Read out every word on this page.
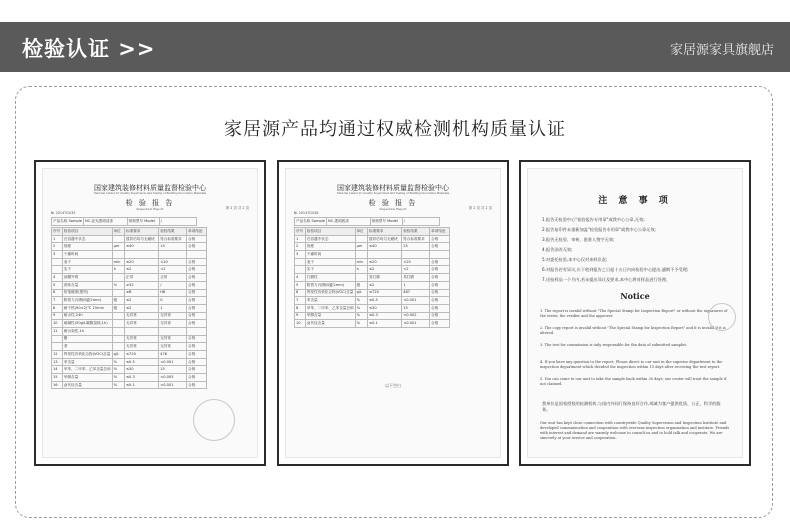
检验认证 >>	家居源家具旗舰店
家居源产品均通过权威检测机构质量认证
国家建筑装修材料质量监督检验中心
National Center for Quality Supervision and Testing of Building Decoration Materials
检 验 报 告
Inspection Report
№ 2014TG035
第 2 页 共 2 页
产品名称 Sample	NC-亚光透明清漆	规格型号 Model	/
序号	检验项目	单位	标准要求	检验结果	单项结论
1	在容器中状态		搅拌后均匀无硬块	符合标准要求	合格
2	细度	μm	≤40	15	合格
3	干燥时间				
	表干	min	≤20	<20	合格
	实干	h	≤2	<2	合格
4	涂膜外观		正常	正常	合格
5	固体含量	%	≥32	/	合格
6	铅笔硬度(擦伤)		≥B	HB	合格
7	附着力(划格间距2mm)	级	≤2	0	合格
8	耐干热(90±2)℃ 15min	级	≤2	1	合格
9	耐水性,24h		无异常	无异常	合格
10	耐碱性(50g/L碳酸氢钠,1h)		无异常	无异常	合格
11	耐污染性,1h				
	醋		无异常	无异常	合格
	茶		无异常	无异常	合格
12	挥发性有机化合物(VOC)含量	g/L	≤720	476	合格
13	苯含量	%	≤0.5	<0.001	合格
14	甲苯、二甲苯、乙苯含量总和	%	≤30	15	合格
15	甲醇含量	%	≤0.3	<0.005	合格
16	卤代烃含量	%	≤0.1	<0.001	合格
国家建筑装修材料质量监督检验中心
National Center for Quality Supervision and Testing of Building Decoration Materials
检 验 报 告
Inspection Report
№ 2014TG036
第 2 页 共 2 页
产品名称 Sample	NC-透明底漆	规格型号 Model	/
序号	检验项目	单位	标准要求	检验结果	单项结论
1	在容器中状态		搅拌后均匀无硬块	符合标准要求	合格
2	细度	μm	≤40	25	合格
3	干燥时间				
	表干	min	≤20	<20	合格
	实干	h	≤2	<2	合格
4	打磨性		易打磨	易打磨	合格
5	附着力(划格间距2mm)	级	≤2	1	合格
6	挥发性有机化合物(VOC)含量	g/L	≤720	487	合格
7	苯含量	%	≤0.5	<0.001	合格
8	甲苯、二甲苯、乙苯含量总和	%	≤30	15	合格
9	甲醇含量	%	≤0.3	<0.002	合格
10	卤代烃含量	%	≤0.1	<0.001	合格
以下空白
注 意 事 项
1.报告无检验中心"检验报告专用章"或我中心公章,无效;
2.报告复印件未重新加盖"检验报告专用章"或我中心公章无效;
3.报告无检验、审核、批准人签字无效;
4.报告涂改无效;
5.对委托检验,本中心仅对来样负责;
6.对报告若有异议,应于收到报告之日起十五日内向检验中心提出,逾期不予受理;
7.送检样品一个月内,若未提出异议及要求,本中心将对样品进行处理。
Notice
1. The report is invalid without "The Special Stamp for Inspection Report" or without the signatures of the tester, the verifier and the approver.
2. The copy report is invalid without "The Special Stamp for Inspection Report" and it is invalid if it is altered.
3. The test for commission is only responsible for the data of submitted samples.
4. If you have any question to the report, Please direct to our unit in the superior department to the inspection department which decided the inspection within 15 days after receiving the test report.
5. You can come to our unit to take the sample back within 30 days; our center will treat the sample if not claimed.
我单位是国家授权的检测机构,与国内外同行保持良好合作,竭诚为客户提供优质、公正、科学的服务。
Our unit has kept close connection with countrywide Quality Supervision and Inspection Institute and developed communication and cooperation with overseas inspection organization and institute. Friends with interest and demand are warmly welcome to consult us and to hold talk and cooperate. We are sincerely at your service and cooperation.
